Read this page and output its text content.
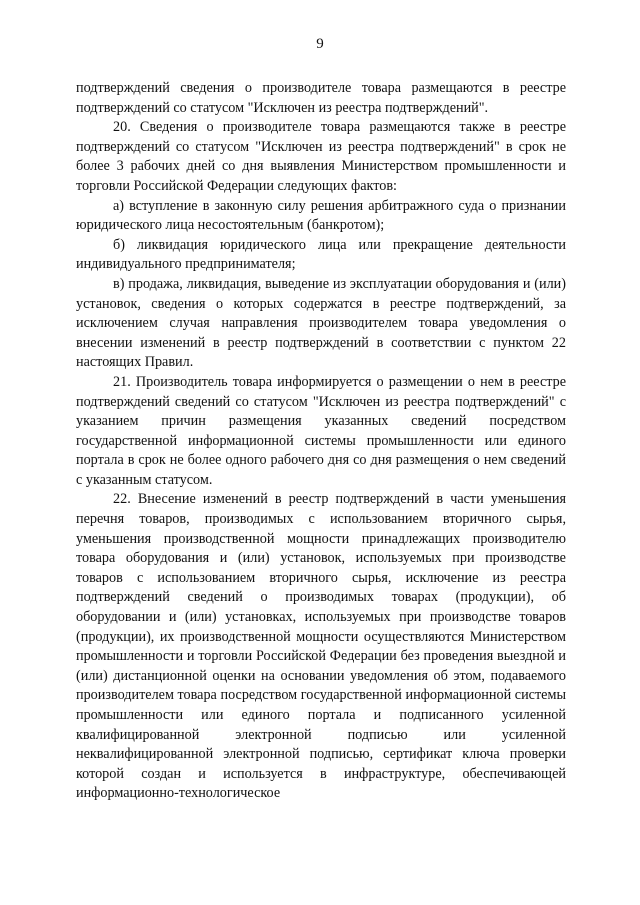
9

подтверждений сведения о производителе товара размещаются в реестре подтверждений со статусом "Исключен из реестра подтверждений".

20. Сведения о производителе товара размещаются также в реестре подтверждений со статусом "Исключен из реестра подтверждений" в срок не более 3 рабочих дней со дня выявления Министерством промышленности и торговли Российской Федерации следующих фактов:

а) вступление в законную силу решения арбитражного суда о признании юридического лица несостоятельным (банкротом);

б) ликвидация юридического лица или прекращение деятельности индивидуального предпринимателя;

в) продажа, ликвидация, выведение из эксплуатации оборудования и (или) установок, сведения о которых содержатся в реестре подтверждений, за исключением случая направления производителем товара уведомления о внесении изменений в реестр подтверждений в соответствии с пунктом 22 настоящих Правил.

21. Производитель товара информируется о размещении о нем в реестре подтверждений сведений со статусом "Исключен из реестра подтверждений" с указанием причин размещения указанных сведений посредством государственной информационной системы промышленности или единого портала в срок не более одного рабочего дня со дня размещения о нем сведений с указанным статусом.

22. Внесение изменений в реестр подтверждений в части уменьшения перечня товаров, производимых с использованием вторичного сырья, уменьшения производственной мощности принадлежащих производителю товара оборудования и (или) установок, используемых при производстве товаров с использованием вторичного сырья, исключение из реестра подтверждений сведений о производимых товарах (продукции), об оборудовании и (или) установках, используемых при производстве товаров (продукции), их производственной мощности осуществляются Министерством промышленности и торговли Российской Федерации без проведения выездной и (или) дистанционной оценки на основании уведомления об этом, подаваемого производителем товара посредством государственной информационной системы промышленности или единого портала и подписанного усиленной квалифицированной электронной подписью или усиленной неквалифицированной электронной подписью, сертификат ключа проверки которой создан и используется в инфраструктуре, обеспечивающей информационно-технологическое
